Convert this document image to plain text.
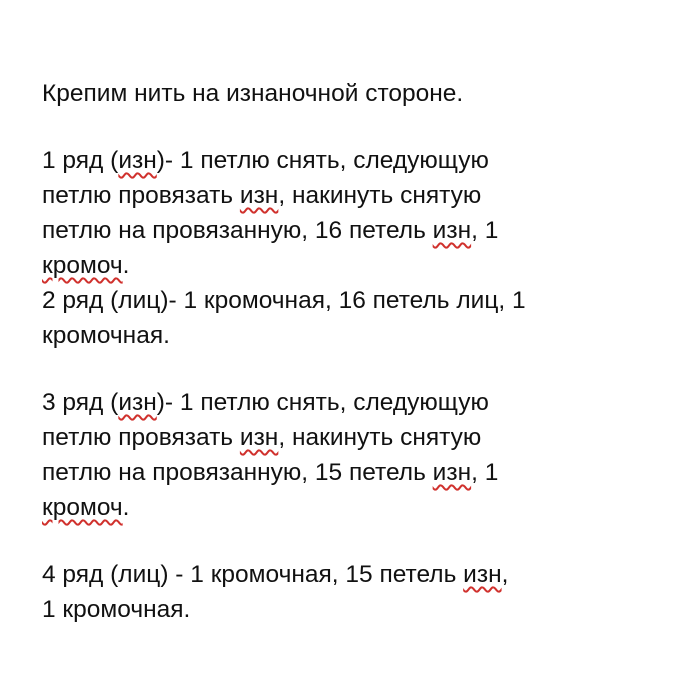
Крепим нить на изнаночной стороне.
1 ряд (изн)- 1 петлю снять, следующую
петлю провязать изн, накинуть снятую
петлю на провязанную, 16 петель изн, 1
кромоч.
2 ряд (лиц)- 1 кромочная, 16 петель лиц, 1
кромочная.
3 ряд (изн)- 1 петлю снять, следующую
петлю провязать изн, накинуть снятую
петлю на провязанную, 15 петель изн, 1
кромоч.
4 ряд (лиц) - 1 кромочная, 15 петель изн,
1 кромочная.
